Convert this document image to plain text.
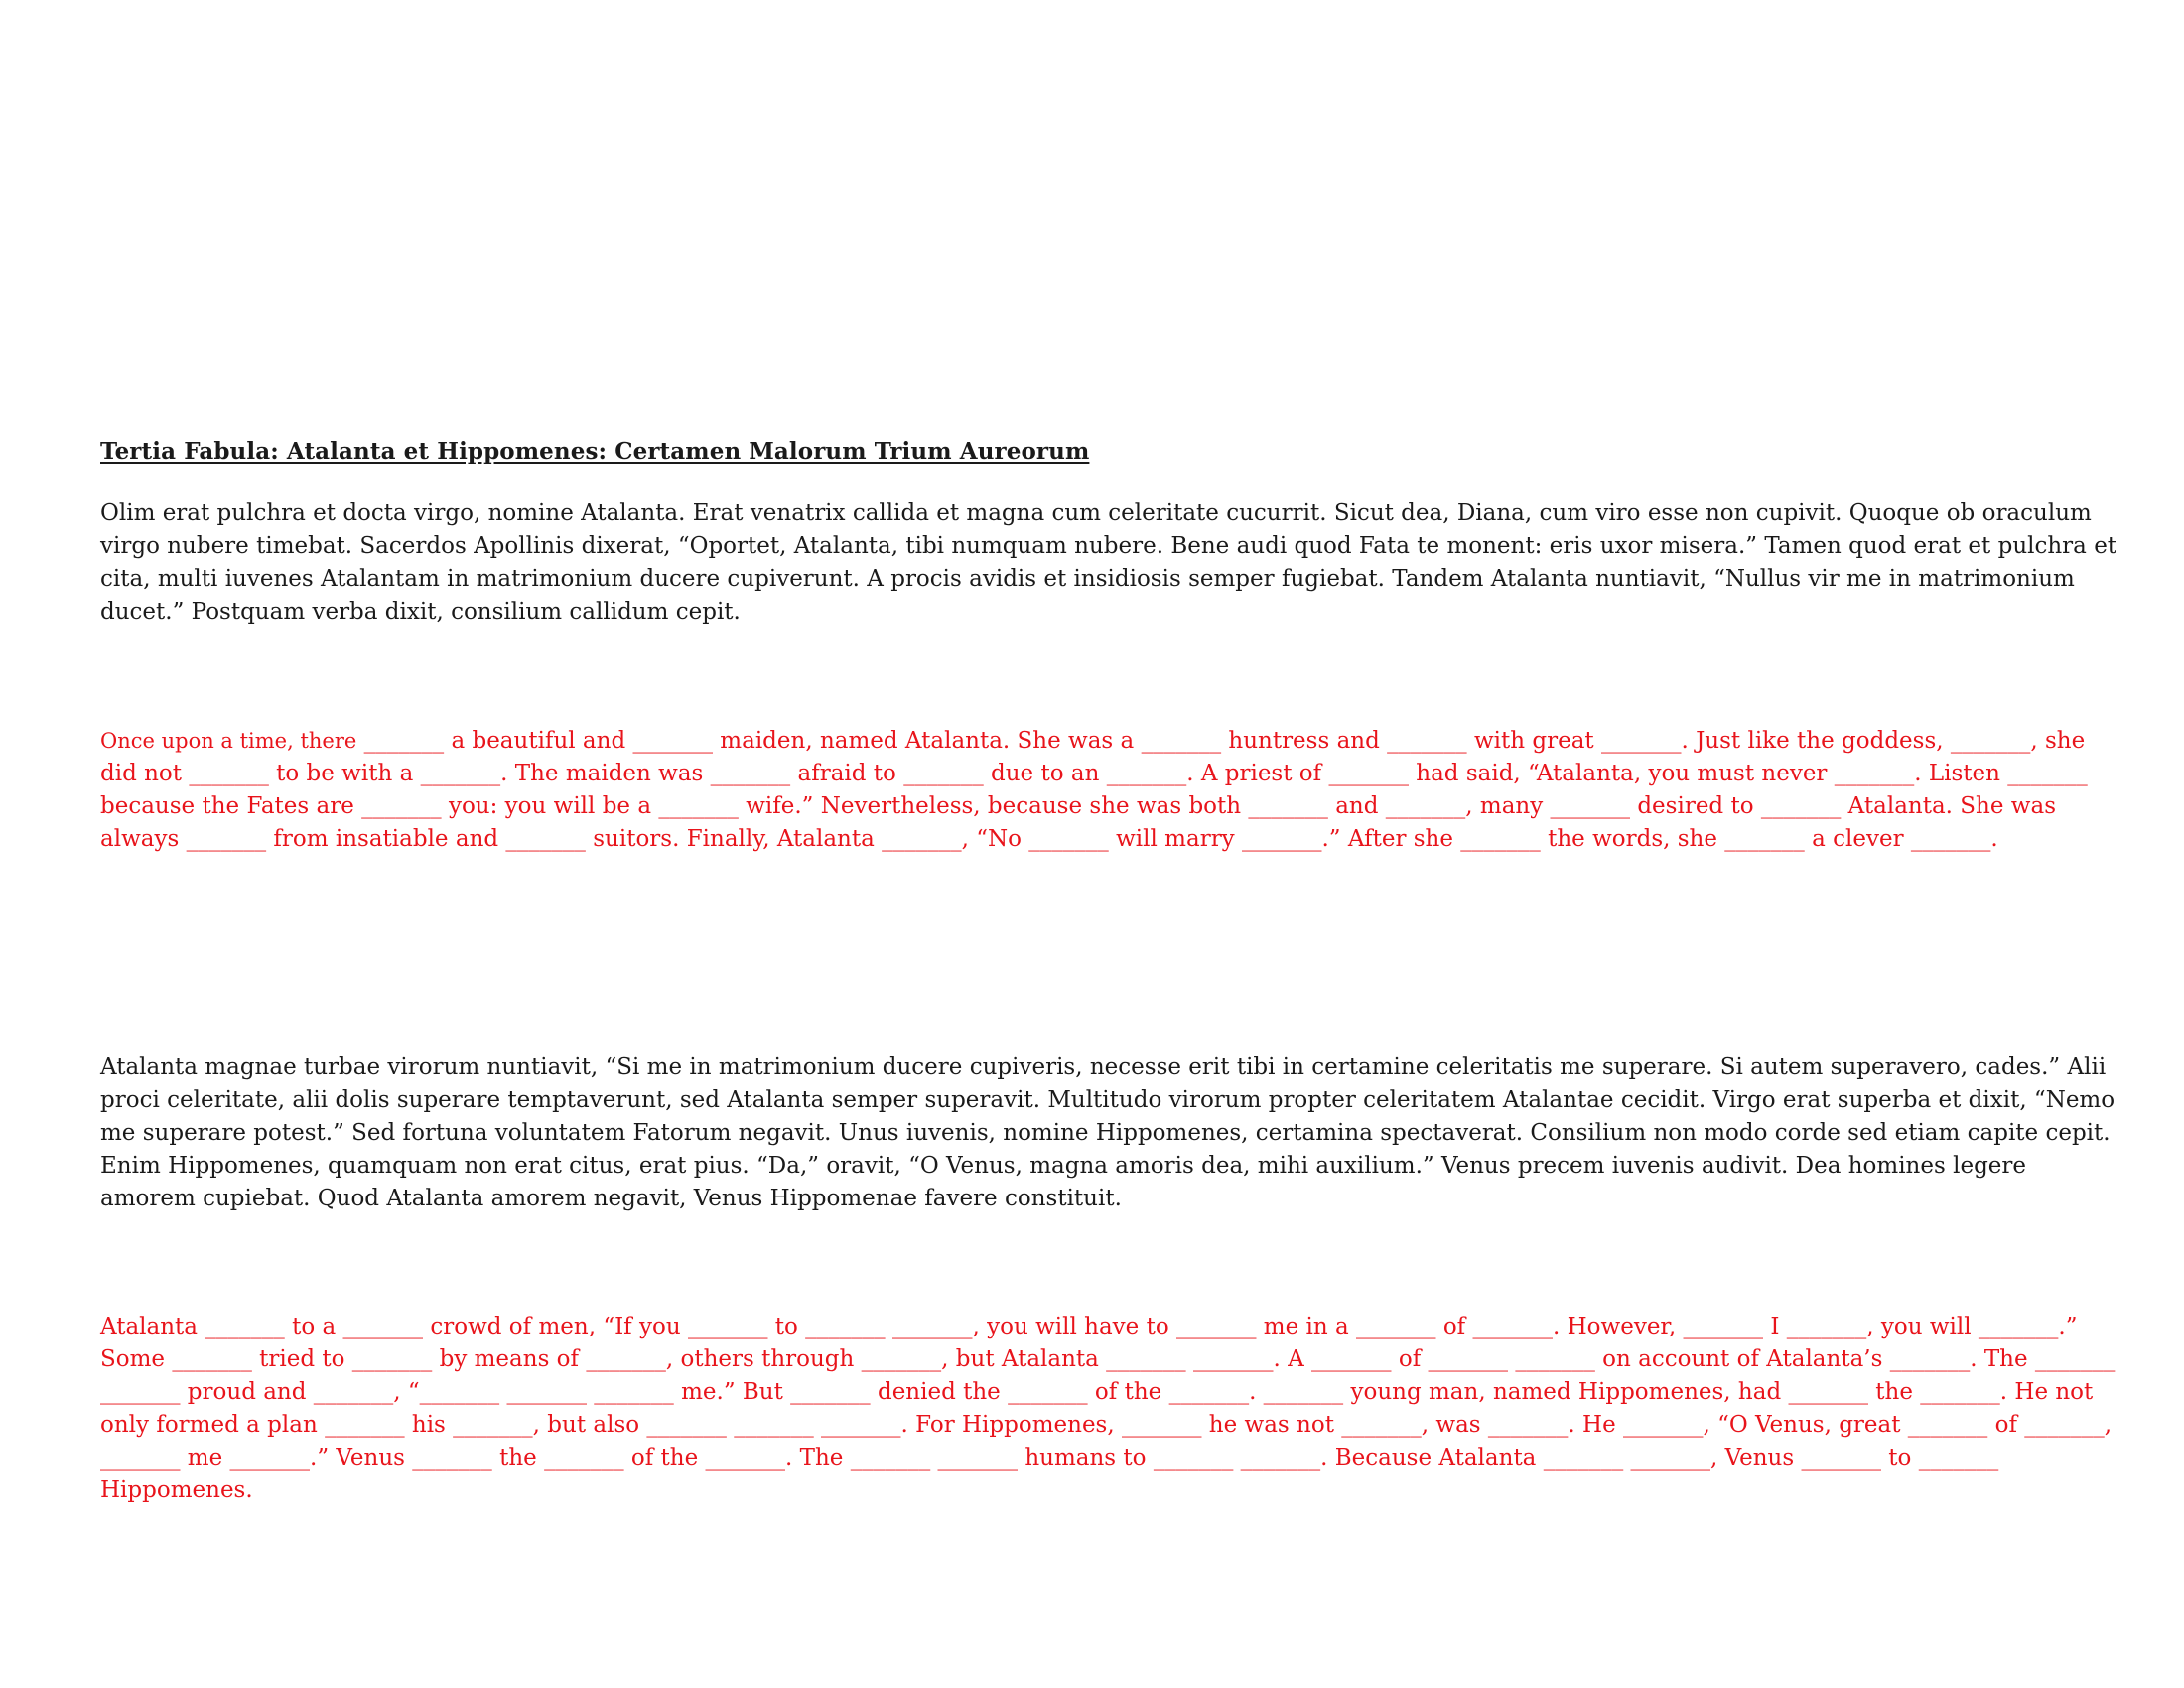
Tertia Fabula: Atalanta et Hippomenes: Certamen Malorum Trium Aureorum

Olim erat pulchra et docta virgo, nomine Atalanta. Erat venatrix callida et magna cum celeritate cucurrit. Sicut dea, Diana, cum viro esse non cupivit. Quoque ob oraculum virgo nubere timebat. Sacerdos Apollinis dixerat, “Oportet, Atalanta, tibi numquam nubere. Bene audi quod Fata te monent: eris uxor misera.” Tamen quod erat et pulchra et cita, multi iuvenes Atalantam in matrimonium ducere cupiverunt. A procis avidis et insidiosis semper fugiebat. Tandem Atalanta nuntiavit, “Nullus vir me in matrimonium ducet.” Postquam verba dixit, consilium callidum cepit.

Once upon a time, there _______ a beautiful and _______ maiden, named Atalanta. She was a _______ huntress and _______ with great _______. Just like the goddess, _______, she did not _______ to be with a _______. The maiden was _______ afraid to _______ due to an _______. A priest of _______ had said, “Atalanta, you must never _______. Listen _______ because the Fates are _______ you: you will be a _______ wife.” Nevertheless, because she was both _______ and _______, many _______ desired to _______ Atalanta. She was always _______ from insatiable and _______ suitors. Finally, Atalanta _______, “No _______ will marry _______.” After she _______ the words, she _______ a clever _______.

Atalanta magnae turbae virorum nuntiavit, “Si me in matrimonium ducere cupiveris, necesse erit tibi in certamine celeritatis me superare. Si autem superavero, cades.” Alii proci celeritate, alii dolis superare temptaverunt, sed Atalanta semper superavit. Multitudo virorum propter celeritatem Atalantae cecidit. Virgo erat superba et dixit, “Nemo me superare potest.” Sed fortuna voluntatem Fatorum negavit. Unus iuvenis, nomine Hippomenes, certamina spectaverat. Consilium non modo corde sed etiam capite cepit. Enim Hippomenes, quamquam non erat citus, erat pius. “Da,” oravit, “O Venus, magna amoris dea, mihi auxilium.” Venus precem iuvenis audivit. Dea homines legere amorem cupiebat. Quod Atalanta amorem negavit, Venus Hippomenae favere constituit.

Atalanta _______ to a _______ crowd of men, “If you _______ to _______ _______, you will have to _______ me in a _______ of _______. However, _______ I _______, you will _______.” Some _______ tried to _______ by means of _______, others through _______, but Atalanta _______ _______. A _______ of _______ _______ on account of Atalanta’s _______. The _______ _______ proud and _______, “_______ _______ _______ me.” But _______ denied the _______ of the _______. _______ young man, named Hippomenes, had _______ the _______. He not only formed a plan _______ his _______, but also _______ _______ _______. For Hippomenes, _______ he was not _______, was _______. He _______, “O Venus, great _______ of _______, _______ me _______.” Venus _______ the _______ of the _______. The _______ _______ humans to _______ _______. Because Atalanta _______ _______, Venus _______ to _______ Hippomenes.
